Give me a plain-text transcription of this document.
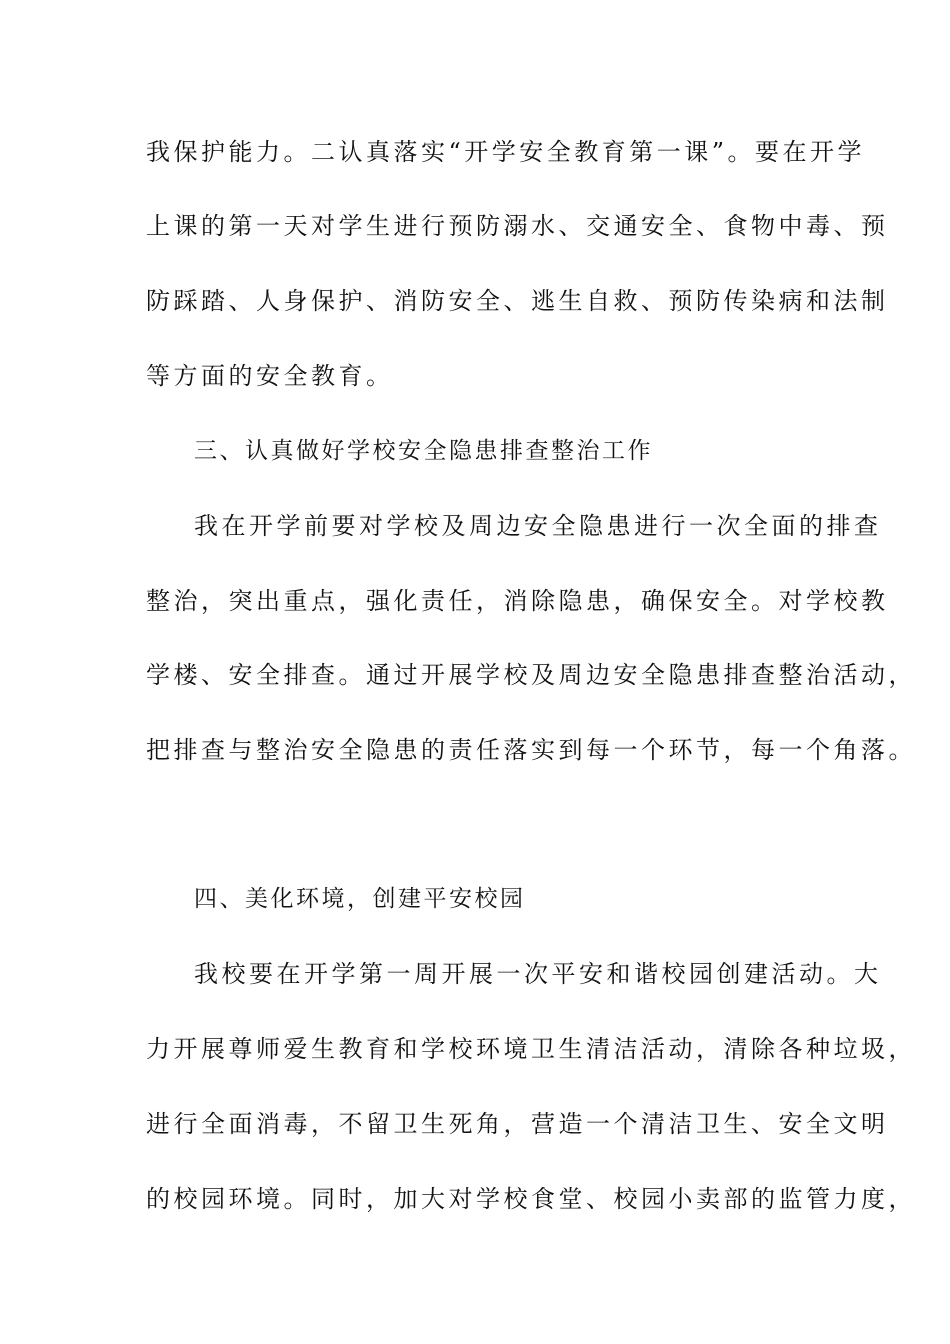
我保护能力。二认真落实“开学安全教育第一课”。要在开学
上课的第一天对学生进行预防溺水、交通安全、食物中毒、预
防踩踏、人身保护、消防安全、逃生自救、预防传染病和法制
等方面的安全教育。
三、认真做好学校安全隐患排查整治工作
我在开学前要对学校及周边安全隐患进行一次全面的排查
整治，突出重点，强化责任，消除隐患，确保安全。对学校教
学楼、安全排查。通过开展学校及周边安全隐患排查整治活动，
把排查与整治安全隐患的责任落实到每一个环节，每一个角落。
四、美化环境，创建平安校园
我校要在开学第一周开展一次平安和谐校园创建活动。大
力开展尊师爱生教育和学校环境卫生清洁活动，清除各种垃圾，
进行全面消毒，不留卫生死角，营造一个清洁卫生、安全文明
的校园环境。同时，加大对学校食堂、校园小卖部的监管力度，
